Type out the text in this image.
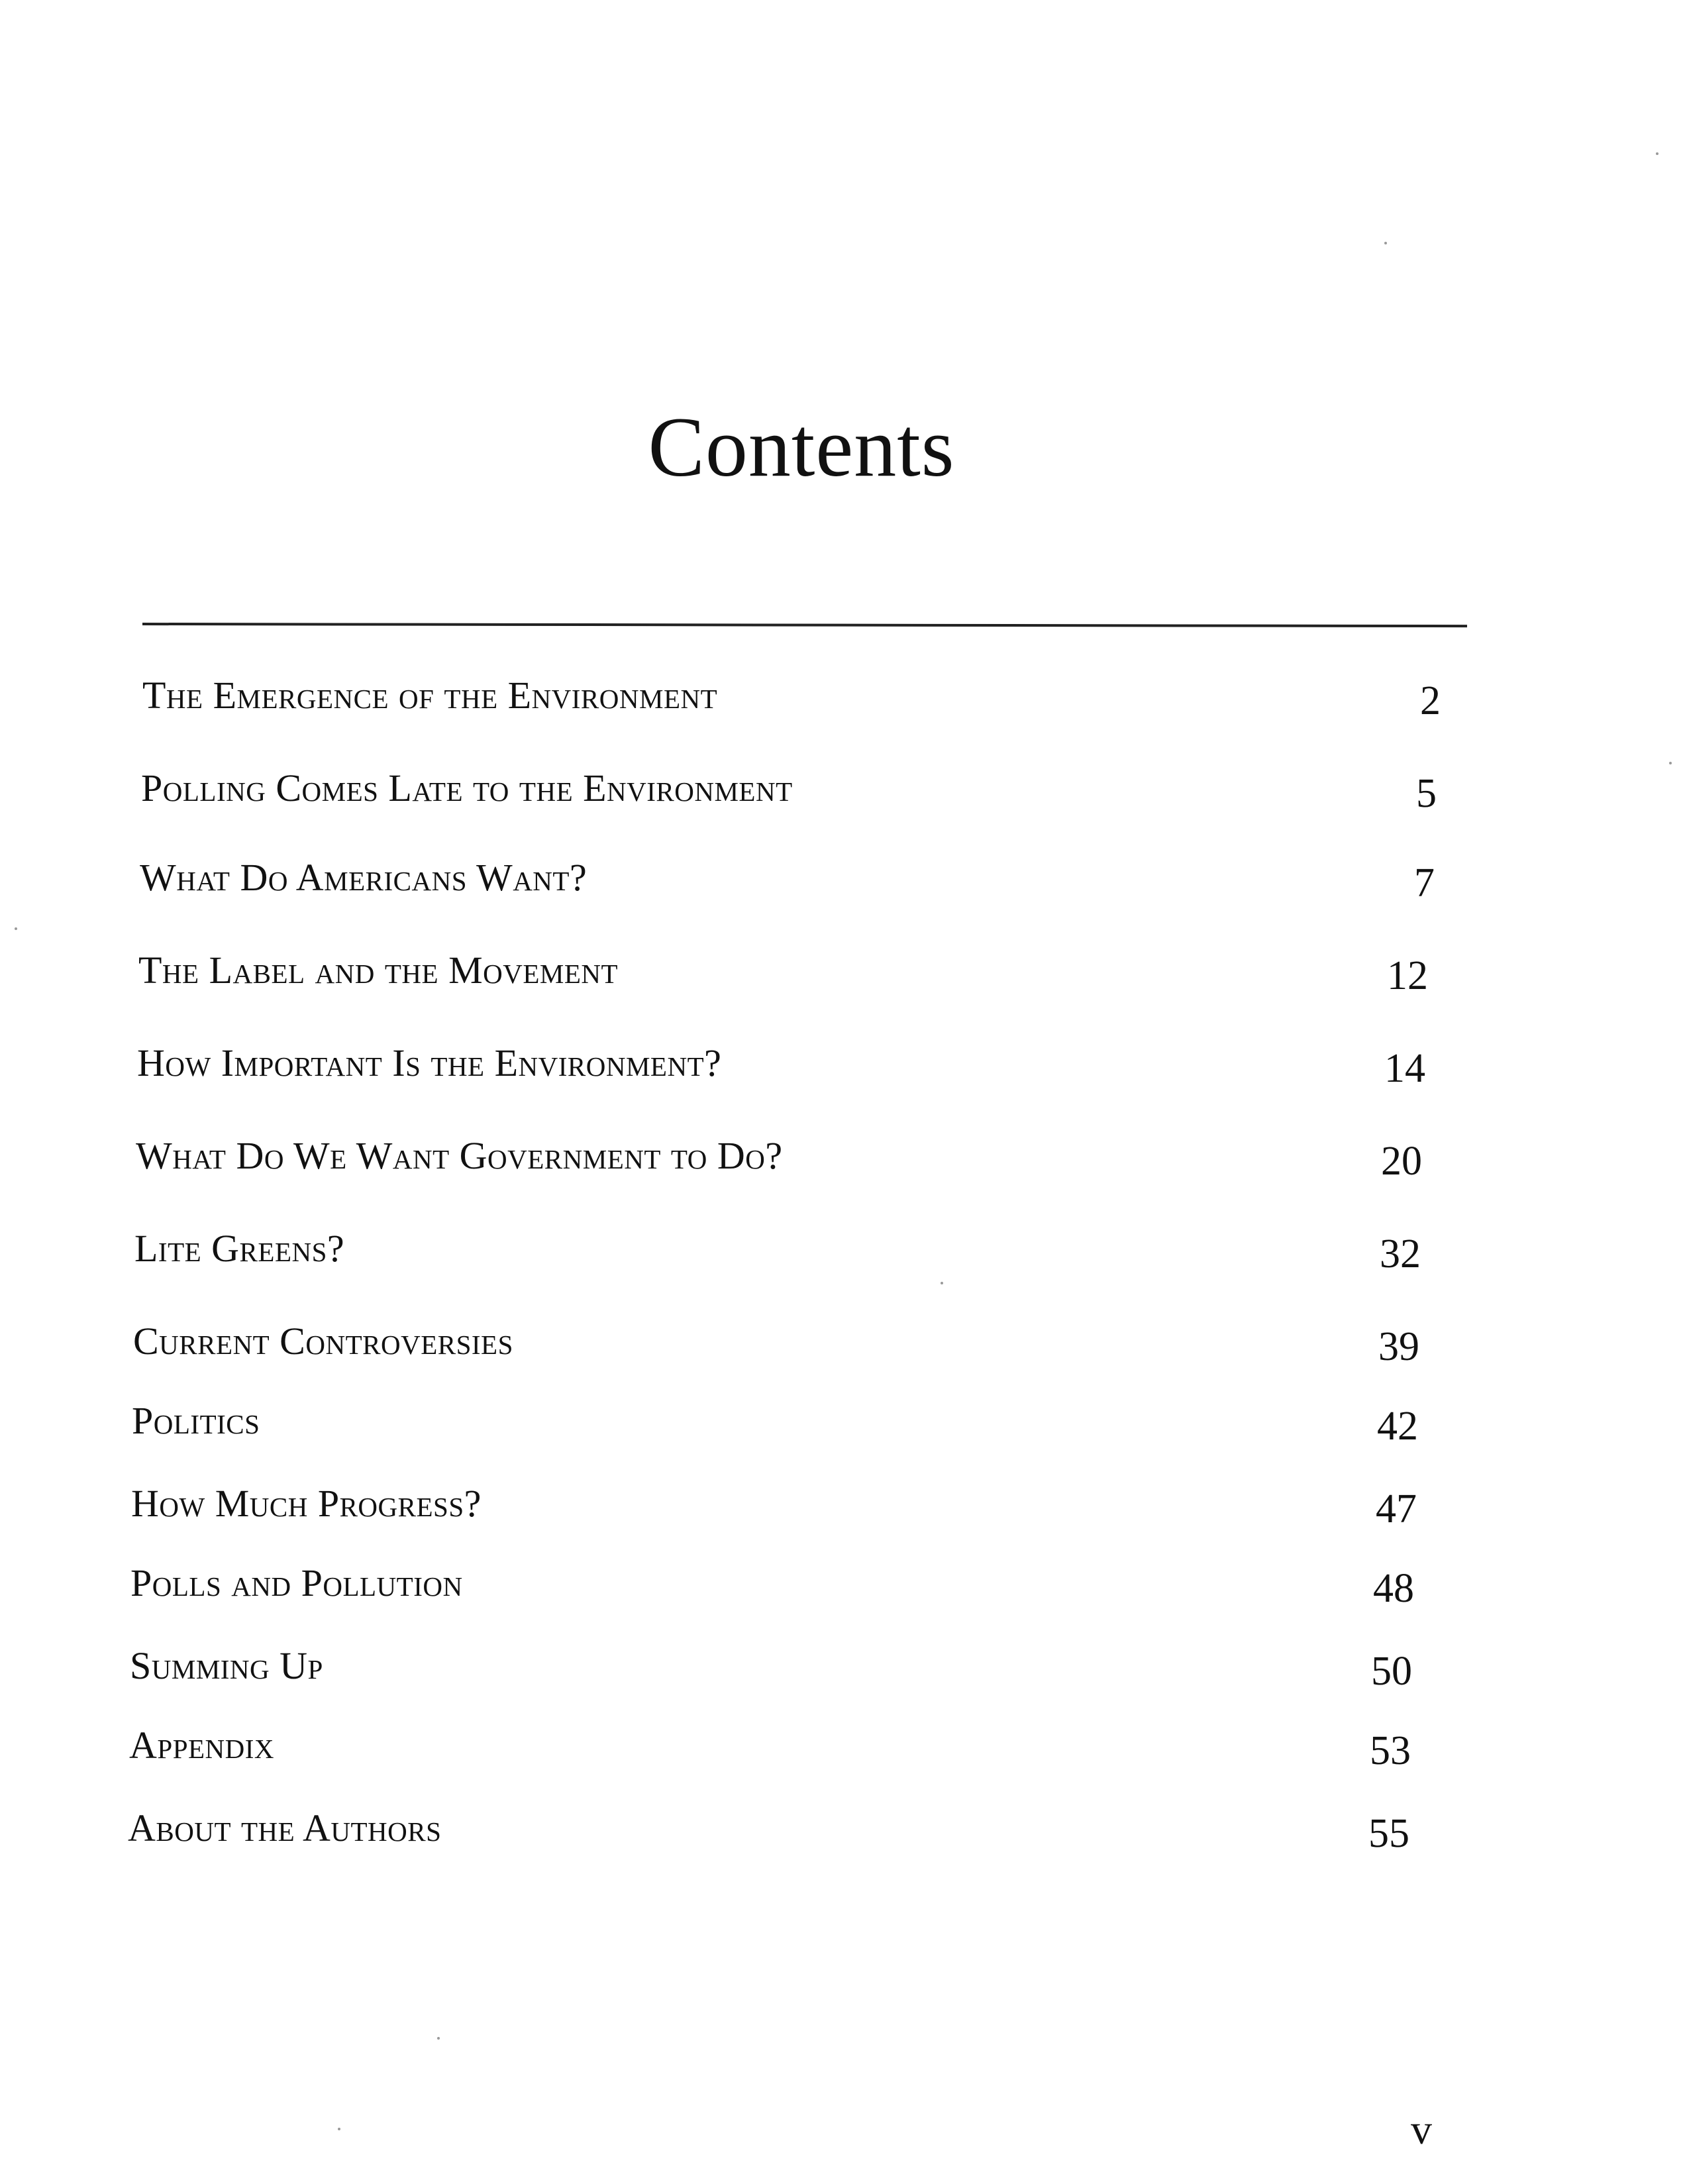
Contents
The Emergence of the Environment	2
Polling Comes Late to the Environment	5
What Do Americans Want?	7
The Label and the Movement	12
How Important Is the Environment?	14
What Do We Want Government to Do?	20
Lite Greens?	32
Current Controversies	39
Politics	42
How Much Progress?	47
Polls and Pollution	48
Summing Up	50
Appendix	53
About the Authors	55
v
